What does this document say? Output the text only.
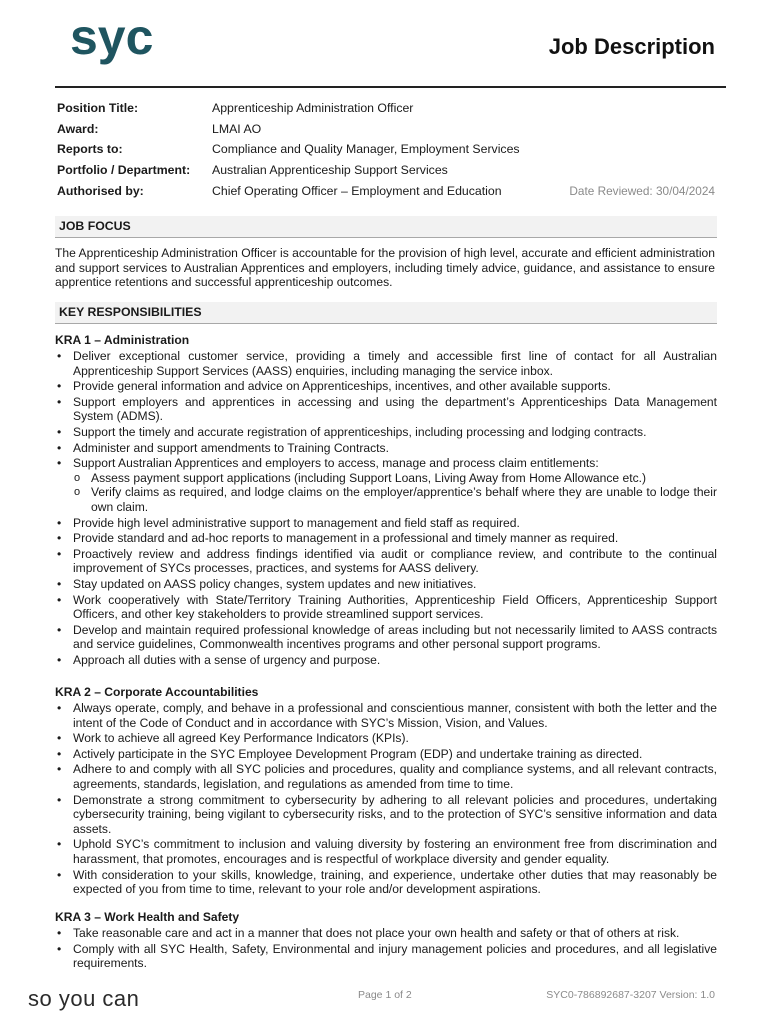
syc	Job Description
Position Title:	Apprenticeship Administration Officer
Award:	LMAI AO
Reports to:	Compliance and Quality Manager, Employment Services
Portfolio / Department: Australian Apprenticeship Support Services
Authorised by:	Chief Operating Officer – Employment and Education	Date Reviewed: 30/04/2024
JOB FOCUS
The Apprenticeship Administration Officer is accountable for the provision of high level, accurate and efficient administration and support services to Australian Apprentices and employers, including timely advice, guidance, and assistance to ensure apprentice retentions and successful apprenticeship outcomes.
KEY RESPONSIBILITIES
KRA 1 – Administration
• Deliver exceptional customer service, providing a timely and accessible first line of contact for all Australian Apprenticeship Support Services (AASS) enquiries, including managing the service inbox.
• Provide general information and advice on Apprenticeships, incentives, and other available supports.
• Support employers and apprentices in accessing and using the department’s Apprenticeships Data Management System (ADMS).
• Support the timely and accurate registration of apprenticeships, including processing and lodging contracts.
• Administer and support amendments to Training Contracts.
• Support Australian Apprentices and employers to access, manage and process claim entitlements:
o Assess payment support applications (including Support Loans, Living Away from Home Allowance etc.)
o Verify claims as required, and lodge claims on the employer/apprentice’s behalf where they are unable to lodge their own claim.
• Provide high level administrative support to management and field staff as required.
• Provide standard and ad-hoc reports to management in a professional and timely manner as required.
• Proactively review and address findings identified via audit or compliance review, and contribute to the continual improvement of SYCs processes, practices, and systems for AASS delivery.
• Stay updated on AASS policy changes, system updates and new initiatives.
• Work cooperatively with State/Territory Training Authorities, Apprenticeship Field Officers, Apprenticeship Support Officers, and other key stakeholders to provide streamlined support services.
• Develop and maintain required professional knowledge of areas including but not necessarily limited to AASS contracts and service guidelines, Commonwealth incentives programs and other personal support programs.
• Approach all duties with a sense of urgency and purpose.
KRA 2 – Corporate Accountabilities
• Always operate, comply, and behave in a professional and conscientious manner, consistent with both the letter and the intent of the Code of Conduct and in accordance with SYC’s Mission, Vision, and Values.
• Work to achieve all agreed Key Performance Indicators (KPIs).
• Actively participate in the SYC Employee Development Program (EDP) and undertake training as directed.
• Adhere to and comply with all SYC policies and procedures, quality and compliance systems, and all relevant contracts, agreements, standards, legislation, and regulations as amended from time to time.
• Demonstrate a strong commitment to cybersecurity by adhering to all relevant policies and procedures, undertaking cybersecurity training, being vigilant to cybersecurity risks, and to the protection of SYC’s sensitive information and data assets.
• Uphold SYC’s commitment to inclusion and valuing diversity by fostering an environment free from discrimination and harassment, that promotes, encourages and is respectful of workplace diversity and gender equality.
• With consideration to your skills, knowledge, training, and experience, undertake other duties that may reasonably be expected of you from time to time, relevant to your role and/or development aspirations.
KRA 3 – Work Health and Safety
• Take reasonable care and act in a manner that does not place your own health and safety or that of others at risk.
• Comply with all SYC Health, Safety, Environmental and injury management policies and procedures, and all legislative requirements.
so you can	Page 1 of 2	SYC0-786892687-3207 Version: 1.0
